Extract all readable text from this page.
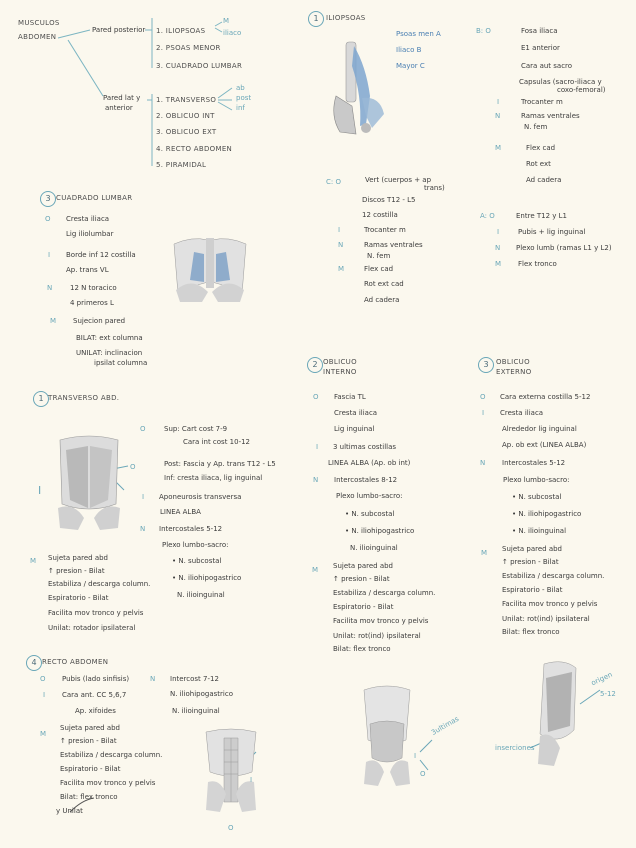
MUSCULOS
ABDOMEN
Pared posterior
Pared lat y
anterior
1. ILIOPSOAS
M
iliaco
2. PSOAS MENOR
3. CUADRADO LUMBAR
1. TRANSVERSO
ab
post
inf
2. OBLICUO INT
3. OBLICUO EXT
4. RECTO ABDOMEN
5. PIRAMIDAL
1	ILIOPSOAS
Psoas men A
Iliaco B
Mayor C
B: O	Fosa iliaca
E1 anterior
Cara aut sacro
Capsulas (sacro-iliaca y
coxo-femoral)
I	Trocanter m
N	Ramas ventrales
N. fem
M	Flex cad
Rot ext
Ad cadera
C: O	Vert (cuerpos + ap
trans)
Discos T12 - L5
12 costilla
I	Trocanter m
N	Ramas ventrales
N. fem
M	Flex cad
Rot ext cad
Ad cadera
A: O	Entre T12 y L1
I	Pubis + lig inguinal
N Plexo lumb (ramas L1 y L2)
M Flex tronco
3 CUADRADO LUMBAR
O Cresta iliaca
Lig iliolumbar
I Borde inf 12 costilla
Ap. trans VL
N	12 N toracico
4 primeros L
M Sujecion pared
BILAT: ext columna
UNILAT: inclinacion
ipsilat columna
1 TRANSVERSO ABD.
I
O
O	Sup: Cart cost 7-9
Cara int cost 10-12
Post: Fascia y Ap. trans T12 - L5
Inf: cresta iliaca, lig inguinal
I Aponeurosis transversa
LINEA ALBA
N Intercostales 5-12
Plexo lumbo-sacro:
• N. subcostal
• N. iliohipogastrico
N. ilioinguinal
M Sujeta pared abd
↑ presion - Bilat
Estabiliza / descarga column.
Espiratorio - Bilat
Facilita mov tronco y pelvis
Unilat: rotador ipsilateral
2 OBLICUO
INTERNO
O Fascia TL
Cresta iliaca
Lig inguinal
I 3 ultimas costillas
LINEA ALBA (Ap. ob int)
N Intercostales 8-12
Plexo lumbo-sacro:
• N. subcostal
• N. iliohipogastrico
N. ilioinguinal
M Sujeta pared abd
↑ presion - Bilat
Estabiliza / descarga column.
Espiratorio - Bilat
Facilita mov tronco y pelvis
Unilat: rot(ind) ipsilateral
Bilat: flex tronco
3	OBLICUO
EXTERNO
O Cara externa costilla 5-12
I Cresta iliaca
Alrededor lig inguinal
Ap. ob ext (LINEA ALBA)
N Intercostales 5-12
Plexo lumbo-sacro:
• N. subcostal
• N. iliohipogastrico
• N. ilioinguinal
M Sujeta pared abd
↑ presion - Bilat
Estabiliza / descarga column.
Espiratorio - Bilat
Facilita mov tronco y pelvis
Unilat: rot(ind) ipsilateral
Bilat: flex tronco
4 RECTO ABDOMEN
O Pubis (lado sinfisis)
I Cara ant. CC 5,6,7
Ap. xifoides
N Intercost 7-12
N. iliohipogastrico
N. ilioinguinal
M
Sujeta pared abd
↑ presion - Bilat
Estabiliza / descarga column.
Espiratorio - Bilat
Facilita mov tronco y pelvis
Bilat: flex tronco
y Unilat
I
O
3ultimas
I
O
origen
5-12
inserciones
